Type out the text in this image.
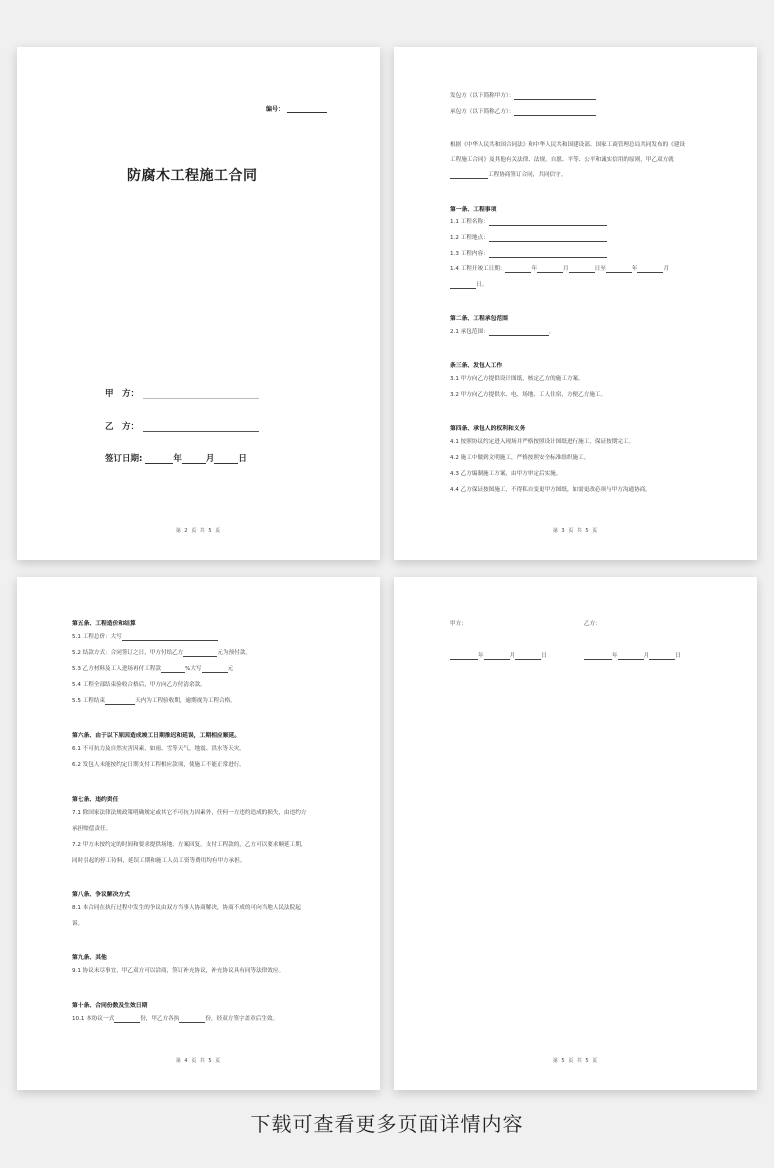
编号：
防腐木工程施工合同
甲　方：
乙　方：
签订日期:	年	月	日
第 2 页 共 5 页
发包方（以下简称甲方）：
承包方（以下简称乙方）：
根据《中华人民共和国合同法》和中华人民共和国建设部、国家工商管理总局共同发布的《建设
工程施工合同》及其他有关法律、法规，自愿、平等、公平和诚实信用的原则，甲乙双方就
工程协商签订合同，共同信守。
第一条、工程事项
1.1 工程名称：
1.2 工程地点：
1.3 工程内容：
1.4 工程开竣工日期：	年	月	日至	年	月
日。
第二条、工程承包范围
2.1 承包范围：	。
条三条、发包人工作
3.1 甲方向乙方提供设计图纸，核定乙方的施工方案。
3.2 甲方向乙方提供水、电、场地、工人住宿，方便乙方施工。
第四条、承包人的权利和义务
4.1 按照协议约定进入现场并严格按照设计图纸进行施工，保证按期完工。
4.2 施工中做到文明施工，严格按照安全标准组织施工。
4.3 乙方编制施工方案，由甲方审定后实施。
4.4 乙方保证按图施工，不得私自变更甲方图纸，如需更改必须与甲方沟通协商。
第 3 页 共 5 页
第五条、工程造价和结算
5.1 工程总价：大写
5.2 结款方式：合同签订之日，甲方付给乙方	元为预付款。
5.3 乙方材料及工人进场再付工程款	%大写	元
5.4 工程全部结束验收合格后，甲方向乙方付清余款。
5.5 工程结束	天内为工程验收期，逾期视为工程合格。
第六条、由于以下原因造成竣工日期推迟和延误，工期相应顺延。
6.1 不可抗力及自然灾害因素，如雨、雪等天气，地震、洪水等天灾。
6.2 发包人未能按约定日期支付工程相应款项，使施工不能正常进行。
第七条、违约责任
7.1 除国家法律法规政策明确规定或其它不可抗力因素外，任何一方违约造成的损失，由违约方
承担赔偿责任。
7.2 甲方未按约定的时间和要求提供场地，方案回复，支付工程款的，乙方可以要求顺延工期，
同时引起的停工待料，延误工期和施工人员工资等费用均有甲方承担。
第八条、争议解决方式
8.1 本合同在执行过程中发生的争议由双方当事人协商解决，协商不成的可向当地人民法院起
诉。
第九条、其他
9.1 协议未尽事宜，甲乙双方可以洽商，签订补充协议，补充协议具有同等法律效应。
第十条、合同份数及生效日期
10.1 本协议一式	份，甲乙方各执	份，经双方签字盖章后生效。
第 4 页 共 5 页
甲方：	乙方：
年	月	日	年	月	日
第 5 页 共 5 页
下载可查看更多页面详情内容
